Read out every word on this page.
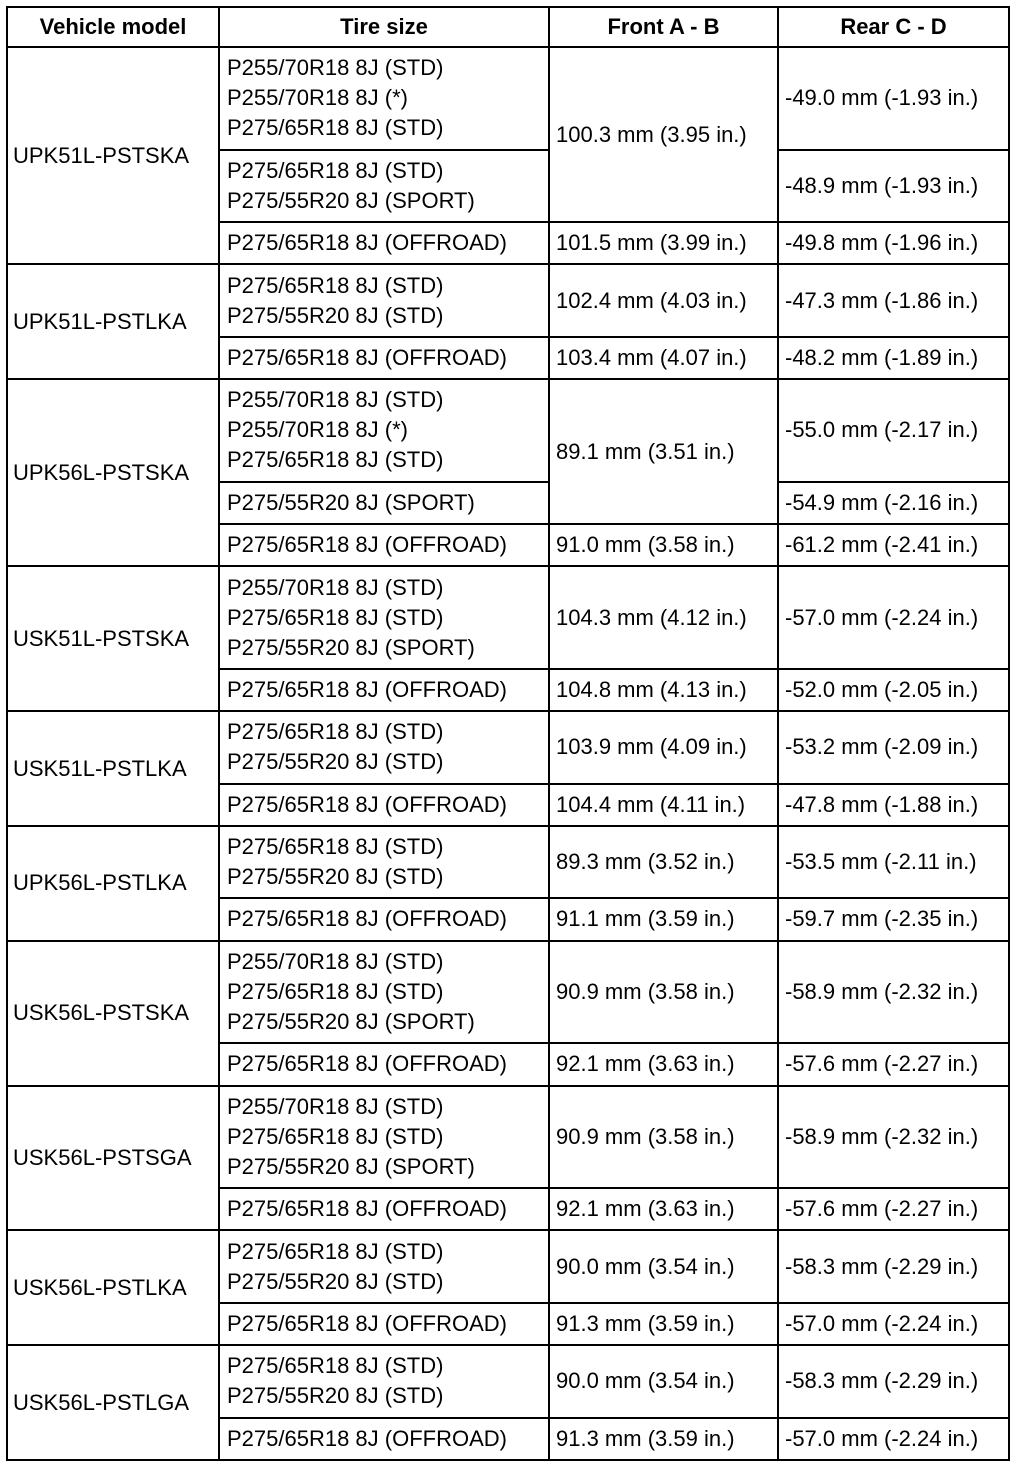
Vehicle model	Tire size	Front A - B	Rear C - D
UPK51L-PSTSKA	P255/70R18 8J (STD)
P255/70R18 8J (*)
P275/65R18 8J (STD)	100.3 mm (3.95 in.)	-49.0 mm (-1.93 in.)

	P275/65R18 8J (STD)
P275/55R20 8J (SPORT)		-48.9 mm (-1.93 in.)

	P275/65R18 8J (OFFROAD)	101.5 mm (3.99 in.)	-49.8 mm (-1.96 in.)
UPK51L-PSTLKA	P275/65R18 8J (STD)
P275/55R20 8J (STD)	102.4 mm (4.03 in.)	-47.3 mm (-1.86 in.)

	P275/65R18 8J (OFFROAD)	103.4 mm (4.07 in.)	-48.2 mm (-1.89 in.)
UPK56L-PSTSKA	P255/70R18 8J (STD)
P255/70R18 8J (*)
P275/65R18 8J (STD)	89.1 mm (3.51 in.)	-55.0 mm (-2.17 in.)

	P275/55R20 8J (SPORT)		-54.9 mm (-2.16 in.)

	P275/65R18 8J (OFFROAD)	91.0 mm (3.58 in.)	-61.2 mm (-2.41 in.)
USK51L-PSTSKA	P255/70R18 8J (STD)
P275/65R18 8J (STD)
P275/55R20 8J (SPORT)	104.3 mm (4.12 in.)	-57.0 mm (-2.24 in.)

	P275/65R18 8J (OFFROAD)	104.8 mm (4.13 in.)	-52.0 mm (-2.05 in.)
USK51L-PSTLKA	P275/65R18 8J (STD)
P275/55R20 8J (STD)	103.9 mm (4.09 in.)	-53.2 mm (-2.09 in.)

	P275/65R18 8J (OFFROAD)	104.4 mm (4.11 in.)	-47.8 mm (-1.88 in.)
UPK56L-PSTLKA	P275/65R18 8J (STD)
P275/55R20 8J (STD)	89.3 mm (3.52 in.)	-53.5 mm (-2.11 in.)

	P275/65R18 8J (OFFROAD)	91.1 mm (3.59 in.)	-59.7 mm (-2.35 in.)
USK56L-PSTSKA	P255/70R18 8J (STD)
P275/65R18 8J (STD)
P275/55R20 8J (SPORT)	90.9 mm (3.58 in.)	-58.9 mm (-2.32 in.)

	P275/65R18 8J (OFFROAD)	92.1 mm (3.63 in.)	-57.6 mm (-2.27 in.)
USK56L-PSTSGA	P255/70R18 8J (STD)
P275/65R18 8J (STD)
P275/55R20 8J (SPORT)	90.9 mm (3.58 in.)	-58.9 mm (-2.32 in.)

	P275/65R18 8J (OFFROAD)	92.1 mm (3.63 in.)	-57.6 mm (-2.27 in.)
USK56L-PSTLKA	P275/65R18 8J (STD)
P275/55R20 8J (STD)	90.0 mm (3.54 in.)	-58.3 mm (-2.29 in.)

	P275/65R18 8J (OFFROAD)	91.3 mm (3.59 in.)	-57.0 mm (-2.24 in.)
USK56L-PSTLGA	P275/65R18 8J (STD)
P275/55R20 8J (STD)	90.0 mm (3.54 in.)	-58.3 mm (-2.29 in.)

	P275/65R18 8J (OFFROAD)	91.3 mm (3.59 in.)	-57.0 mm (-2.24 in.)
